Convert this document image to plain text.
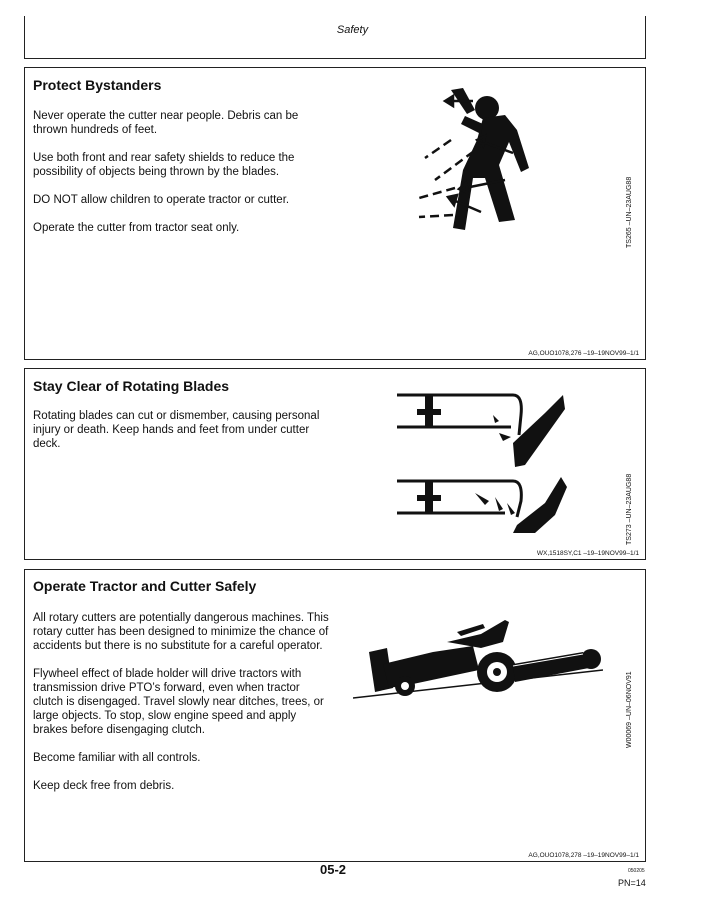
Safety
Protect Bystanders
Never operate the cutter near people. Debris can be
thrown hundreds of feet.
Use both front and rear safety shields to reduce the
possibility of objects being thrown by the blades.
DO NOT allow children to operate tractor or cutter.
Operate the cutter from tractor seat only.	TS265 –UN–23AUG88
AG,OUO1078,276 –19–19NOV99–1/1
Stay Clear of Rotating Blades
Rotating blades can cut or dismember, causing personal
injury or death. Keep hands and feet from under cutter
deck.
TS273 –UN–23AUG88
WX,1518SY,C1 –19–19NOV99–1/1
Operate Tractor and Cutter Safely
All rotary cutters are potentially dangerous machines. This
rotary cutter has been designed to minimize the chance of
accidents but there is no substitute for a careful operator.
Flywheel effect of blade holder will drive tractors with
transmission drive PTO’s forward, even when tractor
clutch is disengaged. Travel slowly near ditches, trees, or
large objects. To stop, slow engine speed and apply
brakes before disengaging clutch.
Become familiar with all controls.
Keep deck free from debris.
W00069 –UN–06NOV91
AG,OUO1078,278 –19–19NOV99–1/1
05-2	050205
PN=14
